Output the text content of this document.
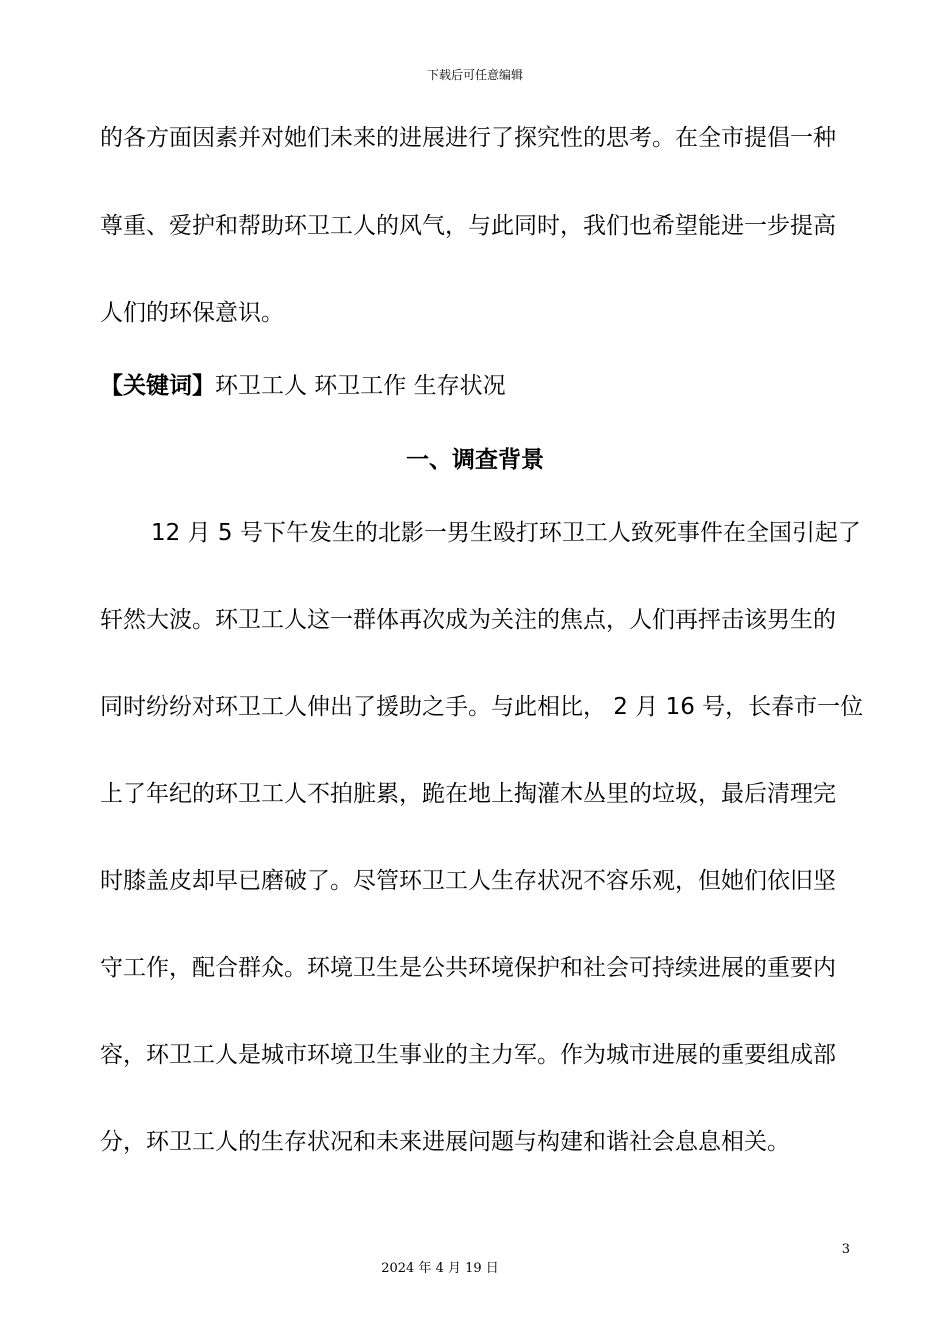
下载后可任意编辑
的各方面因素并对她们未来的进展进行了探究性的思考。在全市提倡一种
尊重、爱护和帮助环卫工人的风气，与此同时，我们也希望能进一步提高
人们的环保意识。
【关键词】环卫工人 环卫工作 生存状况
一、调查背景
　12 月 5 号下午发生的北影一男生殴打环卫工人致死事件在全国引起了
轩然大波。环卫工人这一群体再次成为关注的焦点，人们再抨击该男生的
同时纷纷对环卫工人伸出了援助之手。与此相比， 2 月 16 号，长春市一位
上了年纪的环卫工人不拍脏累，跪在地上掏灌木丛里的垃圾，最后清理完
时膝盖皮却早已磨破了。尽管环卫工人生存状况不容乐观，但她们依旧坚
守工作，配合群众。环境卫生是公共环境保护和社会可持续进展的重要内
容，环卫工人是城市环境卫生事业的主力军。作为城市进展的重要组成部
分，环卫工人的生存状况和未来进展问题与构建和谐社会息息相关。
3
2024 年 4 月 19 日
